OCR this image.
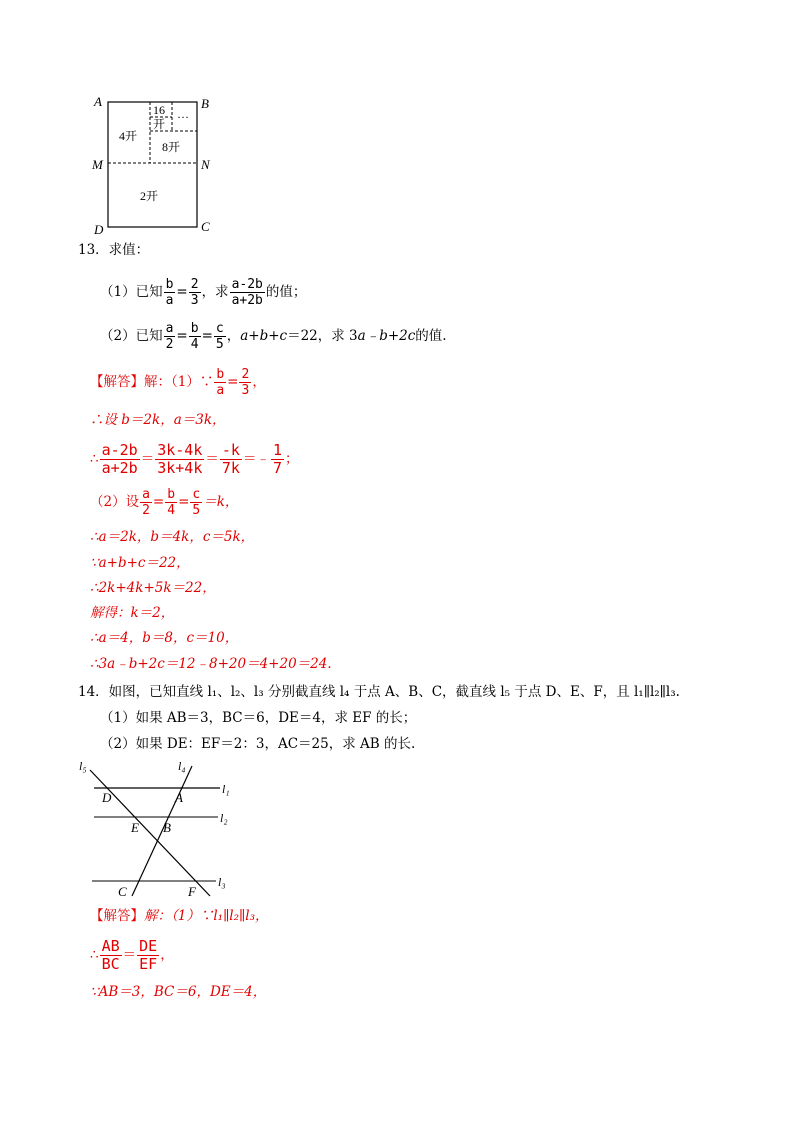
A	B
M	N
D	C
16
开
…
4开
8开
2开
13．求值：
（1）已知 $\frac{b}{a} = \frac{2}{3}$ ，求 $\frac{a-2b}{a+2b}$ 的值；
（2）已知 $\frac{a}{2} = \frac{b}{4} = \frac{c}{5}$ ，a+b+c＝22，求 3a﹣b+2c的值.
【解答】解：（1）∵ $\frac{b}{a} = \frac{2}{3}$ ，
∴设 b＝2k，a＝3k，
∴ $\frac{a-2b}{a+2b} = \frac{3k-4k}{3k+4k} = \frac{-k}{7k}$ ＝﹣ $\frac{1}{7}$ ；
（2）设 $\frac{a}{2} = \frac{b}{4} = \frac{c}{5} =k$，
∴a＝2k，b＝4k，c＝5k，
∵a+b+c＝22，
∴2k+4k+5k＝22，
解得：k＝2，
∴a＝4，b＝8，c＝10，
∴3a﹣b+2c＝12﹣8+20＝4+20＝24.
14．如图，已知直线 l₁、l₂、l₃ 分别截直线 l₄ 于点 A、B、C，截直线 l₅ 于点 D、E、F，且 l₁∥l₂∥l₃.
（1）如果 AB＝3，BC＝6，DE＝4，求 EF 的长；
（2）如果 DE：EF＝2：3，AC＝25，求 AB 的长.
l₅	l₄
l₁
l₂
l₃
D	A
E B
C	F
【解答】解：（1）∵l₁∥l₂∥l₃，
∴ $\frac{AB}{BC} = \frac{DE}{EF}$ ，
∵AB＝3，BC＝6，DE＝4，
